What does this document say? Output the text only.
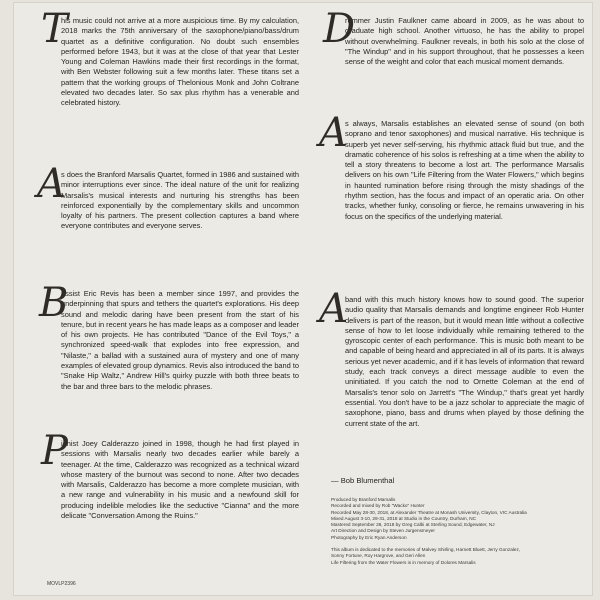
T
his music could not arrive at a more auspicious time. By my calculation, 2018 marks the 75th anniversary of the saxophone/piano/bass/drum quartet as a definitive configuration. No doubt such ensembles performed before 1943, but it was at the close of that year that Lester Young and Coleman Hawkins made their first recordings in the format, with Ben Webster following suit a few months later. These titans set a pattern that the working groups of Thelonious Monk and John Coltrane elevated two decades later. So sax plus rhythm has a venerable and celebrated history.
A
s does the Branford Marsalis Quartet, formed in 1986 and sustained with minor interruptions ever since. The ideal nature of the unit for realizing Marsalis's musical interests and nurturing his strengths has been reinforced exponentially by the complementary skills and uncommon loyalty of his partners. The present collection captures a band where everyone contributes and everyone serves.
B
assist Eric Revis has been a member since 1997, and provides the underpinning that spurs and tethers the quartet's explorations. His deep sound and melodic daring have been present from the start of his tenure, but in recent years he has made leaps as a composer and leader of his own projects. He has contributed "Dance of the Evil Toys," a synchronized speed-walk that explodes into free expression, and "Nilaste," a ballad with a sustained aura of mystery and one of many examples of elevated group dynamics. Revis also introduced the band to "Snake Hip Waltz," Andrew Hill's quirky puzzle with both three beats to the bar and three bars to the melodic phrases.
P
ianist Joey Calderazzo joined in 1998, though he had first played in sessions with Marsalis nearly two decades earlier while barely a teenager. At the time, Calderazzo was recognized as a technical wizard whose mastery of the burnout was second to none. After two decades with Marsalis, Calderazzo has become a more complete musician, with a new range and vulnerability in his music and a newfound skill for producing indelible melodies like the seductive "Cianna" and the more delicate "Conversation Among the Ruins."
MOVLP2396
D
rummer Justin Faulkner came aboard in 2009, as he was about to graduate high school. Another virtuoso, he has the ability to propel without overwhelming. Faulkner reveals, in both his solo at the close of "The Windup" and in his support throughout, that he possesses a keen sense of the weight and color that each musical moment demands.
A
s always, Marsalis establishes an elevated sense of sound (on both soprano and tenor saxophones) and musical narrative. His technique is superb yet never self-serving, his rhythmic attack fluid but true, and the dramatic coherence of his solos is refreshing at a time when the ability to tell a story threatens to become a lost art. The performance Marsalis delivers on his own "Life Filtering from the Water Flowers," which begins in haunted rumination before rising through the misty shadings of the rhythm section, has the focus and impact of an operatic aria. On other tracks, whether funky, consoling or fierce, he remains unwavering in his focus on the specifics of the underlying material.
A
band with this much history knows how to sound good. The superior audio quality that Marsalis demands and longtime engineer Rob Hunter delivers is part of the reason, but it would mean little without a collective sense of how to let loose individually while remaining tethered to the gyroscopic center of each performance. This is music both meant to be and capable of being heard and appreciated in all of its parts. It is always serious yet never academic, and if it has levels of information that reward study, each track conveys a direct message audible to even the uninitiated. If you catch the nod to Ornette Coleman at the end of Marsalis's tenor solo on Jarrett's "The Windup," that's great yet hardly essential. You don't have to be a jazz scholar to appreciate the magic of saxophone, piano, bass and drums when played by those defining the current state of the art.
— Bob Blumenthal
Produced by Branford Marsalis
Recorded and mixed by Rob "Wacko" Hunter
Recorded May 28-30, 2018, at Alexander Theatre at Monash University, Clayton, VIC Australia
Mixed August 3-10, 29-31, 2018 at Studio in the Country, Durham, NC
Mastered September 28, 2018 by Greg Calbi at Sterling Sound, Edgewater, NJ
Art Direction and Design by Steven Jurgensmeyer
Photography by Eric Ryan Anderson
This album is dedicated to the memories of Malvey Shirling, Harnett Bluett, Jerry Gonzalez,
Sonny Fortune, Roy Hargrove, and Geri Allen
Life Filtering from the Water Flowers is in memory of Dolores Marsalis
